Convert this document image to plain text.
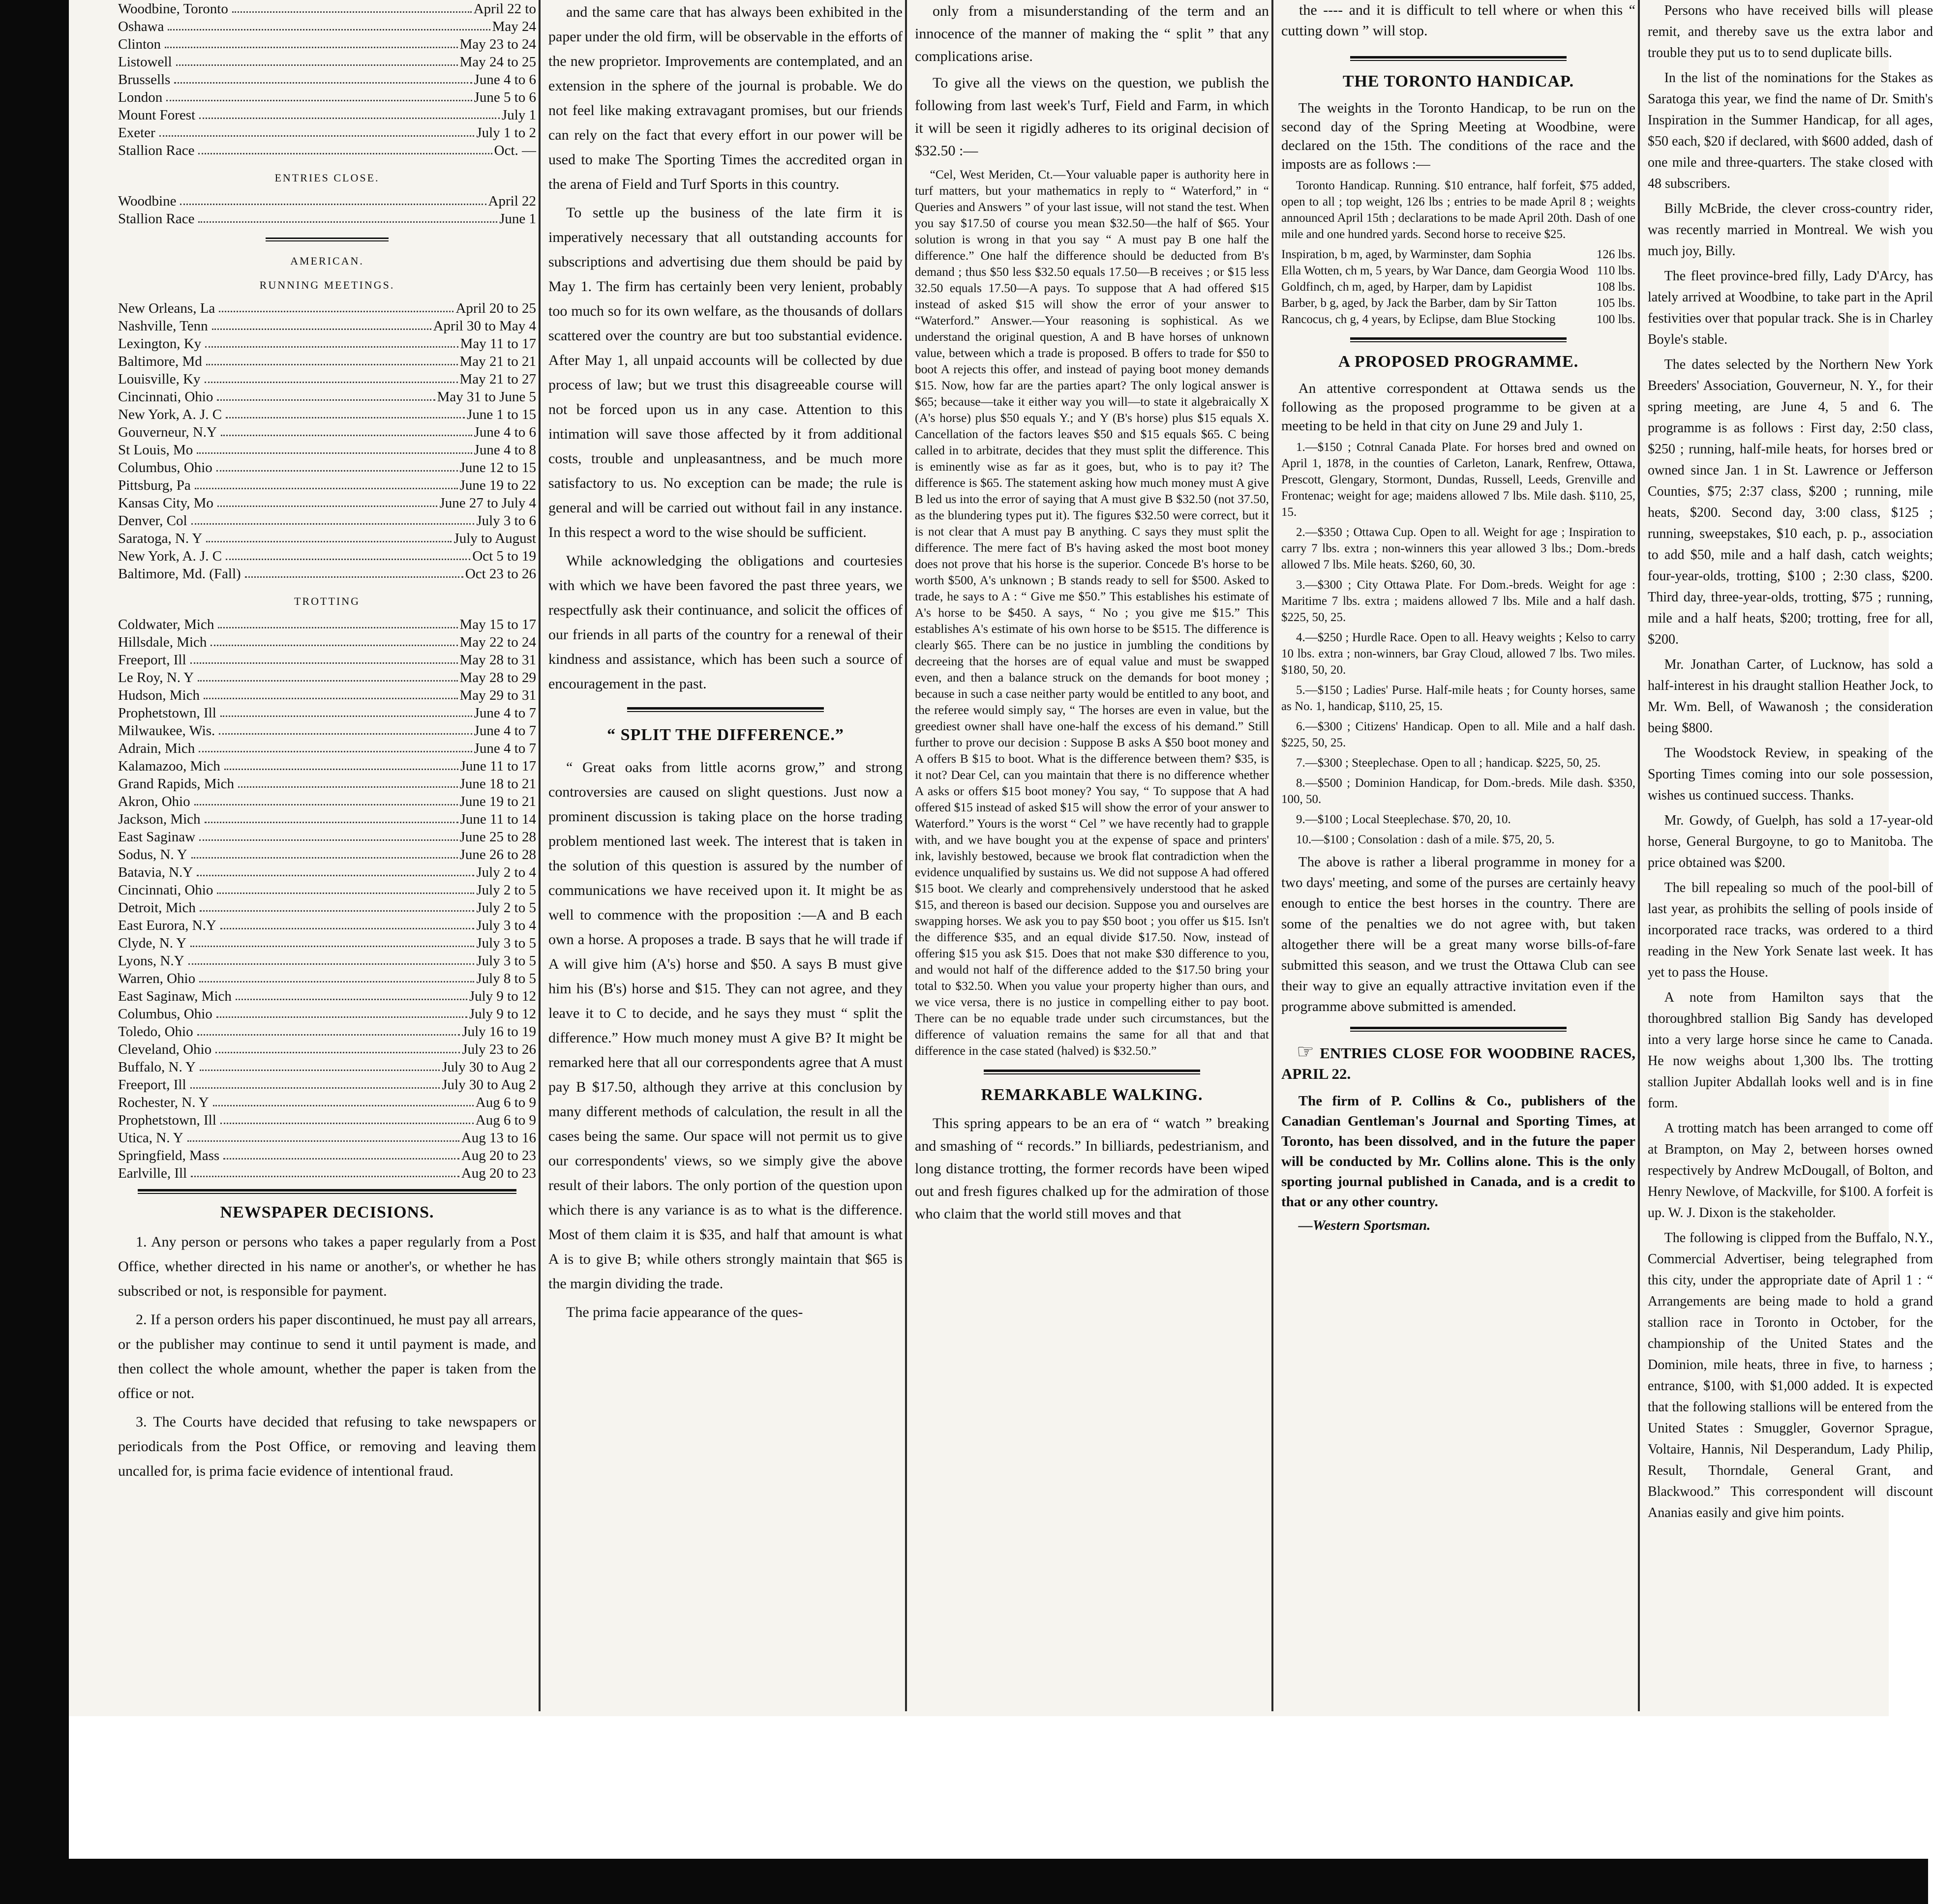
Woodbine, Toronto	April 22 to
Oshawa	May 24
Clinton	May 23 to 24
Listowell	May 24 to 25
Brussells	June 4 to 6
London	June 5 to 6
Mount Forest	July 1
Exeter	July 1 to 2
Stallion Race	Oct. —
ENTRIES CLOSE.
Woodbine	April 22
Stallion Race	June 1
AMERICAN.
RUNNING MEETINGS.
New Orleans, La	April 20 to 25
Nashville, Tenn	April 30 to May 4
Lexington, Ky	May 11 to 17
Baltimore, Md	May 21 to 21
Louisville, Ky	May 21 to 27
Cincinnati, Ohio	May 31 to June 5
New York, A. J. C	June 1 to 15
Gouverneur, N.Y	June 4 to 6
St Louis, Mo	June 4 to 8
Columbus, Ohio	June 12 to 15
Pittsburg, Pa	June 19 to 22
Kansas City, Mo	June 27 to July 4
Denver, Col	July 3 to 6
Saratoga, N. Y	July to August
New York, A. J. C	Oct 5 to 19
Baltimore, Md. (Fall)	Oct 23 to 26
TROTTING
Coldwater, Mich	May 15 to 17
Hillsdale, Mich	May 22 to 24
Freeport, Ill	May 28 to 31
Le Roy, N. Y	May 28 to 29
Hudson, Mich	May 29 to 31
Prophetstown, Ill	June 4 to 7
Milwaukee, Wis.	June 4 to 7
Adrain, Mich	June 4 to 7
Kalamazoo, Mich	June 11 to 17
Grand Rapids, Mich	June 18 to 21
Akron, Ohio	June 19 to 21
Jackson, Mich	June 11 to 14
East Saginaw	June 25 to 28
Sodus, N. Y	June 26 to 28
Batavia, N.Y	July 2 to 4
Cincinnati, Ohio	July 2 to 5
Detroit, Mich	July 2 to 5
East Eurora, N.Y	July 3 to 4
Clyde, N. Y	July 3 to 5
Lyons, N.Y	July 3 to 5
Warren, Ohio	July 8 to 5
East Saginaw, Mich	July 9 to 12
Columbus, Ohio	July 9 to 12
Toledo, Ohio	July 16 to 19
Cleveland, Ohio	July 23 to 26
Buffalo, N. Y	July 30 to Aug 2
Freeport, Ill	July 30 to Aug 2
Rochester, N. Y	Aug 6 to 9
Prophetstown, Ill	Aug 6 to 9
Utica, N. Y	Aug 13 to 16
Springfield, Mass	Aug 20 to 23
Earlville, Ill	Aug 20 to 23
NEWSPAPER DECISIONS.

1. Any person or persons who takes a paper regularly from a Post Office, whether directed in his name or another's, or whether he has subscribed or not, is responsible for payment.

2. If a person orders his paper discontinued, he must pay all arrears, or the publisher may continue to send it until payment is made, and then collect the whole amount, whether the paper is taken from the office or not.

3. The Courts have decided that refusing to take newspapers or periodicals from the Post Office, or removing and leaving them uncalled for, is prima facie evidence of intentional fraud.

and the same care that has always been exhibited in the paper under the old firm, will be observable in the efforts of the new proprietor. Improvements are contemplated, and an extension in the sphere of the journal is probable. We do not feel like making extravagant promises, but our friends can rely on the fact that every effort in our power will be used to make The Sporting Times the accredited organ in the arena of Field and Turf Sports in this country.

To settle up the business of the late firm it is imperatively necessary that all outstanding accounts for subscriptions and advertising due them should be paid by May 1. The firm has certainly been very lenient, probably too much so for its own welfare, as the thousands of dollars scattered over the country are but too substantial evidence. After May 1, all unpaid accounts will be collected by due process of law; but we trust this disagreeable course will not be forced upon us in any case. Attention to this intimation will save those affected by it from additional costs, trouble and unpleasantness, and be much more satisfactory to us. No exception can be made; the rule is general and will be carried out without fail in any instance. In this respect a word to the wise should be sufficient.

While acknowledging the obligations and courtesies with which we have been favored the past three years, we respectfully ask their continuance, and solicit the offices of our friends in all parts of the country for a renewal of their kindness and assistance, which has been such a source of encouragement in the past.

“ SPLIT THE DIFFERENCE.”

“ Great oaks from little acorns grow,” and strong controversies are caused on slight questions. Just now a prominent discussion is taking place on the horse trading problem mentioned last week. The interest that is taken in the solution of this question is assured by the number of communications we have received upon it. It might be as well to commence with the proposition :—A and B each own a horse. A proposes a trade. B says that he will trade if A will give him (A's) horse and $50. A says B must give him his (B's) horse and $15. They can not agree, and they leave it to C to decide, and he says they must “ split the difference.” How much money must A give B? It might be remarked here that all our correspondents agree that A must pay B $17.50, although they arrive at this conclusion by many different methods of calculation, the result in all the cases being the same. Our space will not permit us to give our correspondents' views, so we simply give the above result of their labors. The only portion of the question upon which there is any variance is as to what is the difference. Most of them claim it is $35, and half that amount is what A is to give B; while others strongly maintain that $65 is the margin dividing the trade.

The prima facie appearance of the ques-

only from a misunderstanding of the term and an innocence of the manner of making the “ split ” that any complications arise.

To give all the views on the question, we publish the following from last week's Turf, Field and Farm, in which it will be seen it rigidly adheres to its original decision of $32.50 :—

“Cel, West Meriden, Ct.—Your valuable paper is authority here in turf matters, but your mathematics in reply to “ Waterford,” in “ Queries and Answers ” of your last issue, will not stand the test. When you say $17.50 of course you mean $32.50—the half of $65. Your solution is wrong in that you say “ A must pay B one half the difference.” One half the difference should be deducted from B's demand ; thus $50 less $32.50 equals 17.50—B receives ; or $15 less 32.50 equals 17.50—A pays. To suppose that A had offered $15 instead of asked $15 will show the error of your answer to “Waterford.” Answer.—Your reasoning is sophistical. As we understand the original question, A and B have horses of unknown value, between which a trade is proposed. B offers to trade for $50 to boot A rejects this offer, and instead of paying boot money demands $15. Now, how far are the parties apart? The only logical answer is $65; because—take it either way you will—to state it algebraically X (A's horse) plus $50 equals Y.; and Y (B's horse) plus $15 equals X. Cancellation of the factors leaves $50 and $15 equals $65. C being called in to arbitrate, decides that they must split the difference. This is eminently wise as far as it goes, but, who is to pay it? The difference is $65. The statement asking how much money must A give B led us into the error of saying that A must give B $32.50 (not 37.50, as the blundering types put it). The figures $32.50 were correct, but it is not clear that A must pay B anything. C says they must split the difference. The mere fact of B's having asked the most boot money does not prove that his horse is the superior. Concede B's horse to be worth $500, A's unknown ; B stands ready to sell for $500. Asked to trade, he says to A : “ Give me $50.” This establishes his estimate of A's horse to be $450. A says, “ No ; you give me $15.” This establishes A's estimate of his own horse to be $515. The difference is clearly $65. There can be no justice in jumbling the conditions by decreeing that the horses are of equal value and must be swapped even, and then a balance struck on the demands for boot money ; because in such a case neither party would be entitled to any boot, and the referee would simply say, “ The horses are even in value, but the greediest owner shall have one-half the excess of his demand.” Still further to prove our decision : Suppose B asks A $50 boot money and A offers B $15 to boot. What is the difference between them? $35, is it not? Dear Cel, can you maintain that there is no difference whether A asks or offers $15 boot money? You say, “ To suppose that A had offered $15 instead of asked $15 will show the error of your answer to Waterford.” Yours is the worst “ Cel ” we have recently had to grapple with, and we have bought you at the expense of space and printers' ink, lavishly bestowed, because we brook flat contradiction when the evidence unqualified by sustains us. We did not suppose A had offered $15 boot. We clearly and comprehensively understood that he asked $15, and thereon is based our decision. Suppose you and ourselves are swapping horses. We ask you to pay $50 boot ; you offer us $15. Isn't the difference $35, and an equal divide $17.50. Now, instead of offering $15 you ask $15. Does that not make $30 difference to you, and would not half of the difference added to the $17.50 bring your total to $32.50. When you value your property higher than ours, and we vice versa, there is no justice in compelling either to pay boot. There can be no equable trade under such circumstances, but the difference of valuation remains the same for all that and that difference in the case stated (halved) is $32.50.”

REMARKABLE WALKING.

This spring appears to be an era of “ watch ” breaking and smashing of “ records.” In billiards, pedestrianism, and long distance trotting, the former records have been wiped out and fresh figures chalked up for the admiration of those who claim that the world still moves and that

the ---- and it is difficult to tell where or when this “ cutting down ” will stop.

THE TORONTO HANDICAP.

The weights in the Toronto Handicap, to be run on the second day of the Spring Meeting at Woodbine, were declared on the 15th. The conditions of the race and the imposts are as follows :—

Toronto Handicap. Running. $10 entrance, half forfeit, $75 added, open to all ; top weight, 126 lbs ; entries to be made April 8 ; weights announced April 15th ; declarations to be made April 20th. Dash of one mile and one hundred yards. Second horse to receive $25.

Inspiration, b m, aged, by Warminster, dam Sophia	126 lbs.
Ella Wotten, ch m, 5 years, by War Dance, dam Georgia Wood 110 lbs.
Goldfinch, ch m, aged, by Harper, dam by Lapidist	108 lbs.
Barber, b g, aged, by Jack the Barber, dam by Sir Tatton	105 lbs.
Rancocus, ch g, 4 years, by Eclipse, dam Blue Stocking	100 lbs.
A PROPOSED PROGRAMME.

An attentive correspondent at Ottawa sends us the following as the proposed programme to be given at a meeting to be held in that city on June 29 and July 1.

1.—$150 ; Cotnral Canada Plate. For horses bred and owned on April 1, 1878, in the counties of Carleton, Lanark, Renfrew, Ottawa, Prescott, Glengary, Stormont, Dundas, Russell, Leeds, Grenville and Frontenac; weight for age; maidens allowed 7 lbs. Mile dash. $110, 25, 15.

2.—$350 ; Ottawa Cup. Open to all. Weight for age ; Inspiration to carry 7 lbs. extra ; non-winners this year allowed 3 lbs.; Dom.-breds allowed 7 lbs. Mile heats. $260, 60, 30.

3.—$300 ; City Ottawa Plate. For Dom.-breds. Weight for age : Maritime 7 lbs. extra ; maidens allowed 7 lbs. Mile and a half dash. $225, 50, 25.

4.—$250 ; Hurdle Race. Open to all. Heavy weights ; Kelso to carry 10 lbs. extra ; non-winners, bar Gray Cloud, allowed 7 lbs. Two miles. $180, 50, 20.

5.—$150 ; Ladies' Purse. Half-mile heats ; for County horses, same as No. 1, handicap, $110, 25, 15.

6.—$300 ; Citizens' Handicap. Open to all. Mile and a half dash. $225, 50, 25.

7.—$300 ; Steeplechase. Open to all ; handicap. $225, 50, 25.

8.—$500 ; Dominion Handicap, for Dom.-breds. Mile dash. $350, 100, 50.

9.—$100 ; Local Steeplechase. $70, 20, 10.

10.—$100 ; Consolation : dash of a mile. $75, 20, 5.

The above is rather a liberal programme in money for a two days' meeting, and some of the purses are certainly heavy enough to entice the best horses in the country. There are some of the penalties we do not agree with, but taken altogether there will be a great many worse bills-of-fare submitted this season, and we trust the Ottawa Club can see their way to give an equally attractive invitation even if the programme above submitted is amended.

☞ ENTRIES CLOSE FOR WOODBINE RACES, APRIL 22.

The firm of P. Collins & Co., publishers of the Canadian Gentleman's Journal and Sporting Times, at Toronto, has been dissolved, and in the future the paper will be conducted by Mr. Collins alone. This is the only sporting journal published in Canada, and is a credit to that or any other country.

—Western Sportsman.

Persons who have received bills will please remit, and thereby save us the extra labor and trouble they put us to to send duplicate bills.

In the list of the nominations for the Stakes as Saratoga this year, we find the name of Dr. Smith's Inspiration in the Summer Handicap, for all ages, $50 each, $20 if declared, with $600 added, dash of one mile and three-quarters. The stake closed with 48 subscribers.

Billy McBride, the clever cross-country rider, was recently married in Montreal. We wish you much joy, Billy.

The fleet province-bred filly, Lady D'Arcy, has lately arrived at Woodbine, to take part in the April festivities over that popular track. She is in Charley Boyle's stable.

The dates selected by the Northern New York Breeders' Association, Gouverneur, N. Y., for their spring meeting, are June 4, 5 and 6. The programme is as follows : First day, 2:50 class, $250 ; running, half-mile heats, for horses bred or owned since Jan. 1 in St. Lawrence or Jefferson Counties, $75; 2:37 class, $200 ; running, mile heats, $200. Second day, 3:00 class, $125 ; running, sweepstakes, $10 each, p. p., association to add $50, mile and a half dash, catch weights; four-year-olds, trotting, $100 ; 2:30 class, $200. Third day, three-year-olds, trotting, $75 ; running, mile and a half heats, $200; trotting, free for all, $200.

Mr. Jonathan Carter, of Lucknow, has sold a half-interest in his draught stallion Heather Jock, to Mr. Wm. Bell, of Wawanosh ; the consideration being $800.

The Woodstock Review, in speaking of the Sporting Times coming into our sole possession, wishes us continued success. Thanks.

Mr. Gowdy, of Guelph, has sold a 17-year-old horse, General Burgoyne, to go to Manitoba. The price obtained was $200.

The bill repealing so much of the pool-bill of last year, as prohibits the selling of pools inside of incorporated race tracks, was ordered to a third reading in the New York Senate last week. It has yet to pass the House.

A note from Hamilton says that the thoroughbred stallion Big Sandy has developed into a very large horse since he came to Canada. He now weighs about 1,300 lbs. The trotting stallion Jupiter Abdallah looks well and is in fine form.

A trotting match has been arranged to come off at Brampton, on May 2, between horses owned respectively by Andrew McDougall, of Bolton, and Henry Newlove, of Mackville, for $100. A forfeit is up. W. J. Dixon is the stakeholder.

The following is clipped from the Buffalo, N.Y., Commercial Advertiser, being telegraphed from this city, under the appropriate date of April 1 : “ Arrangements are being made to hold a grand stallion race in Toronto in October, for the championship of the United States and the Dominion, mile heats, three in five, to harness ; entrance, $100, with $1,000 added. It is expected that the following stallions will be entered from the United States : Smuggler, Governor Sprague, Voltaire, Hannis, Nil Desperandum, Lady Philip, Result, Thorndale, General Grant, and Blackwood.” This correspondent will discount Ananias easily and give him points.
